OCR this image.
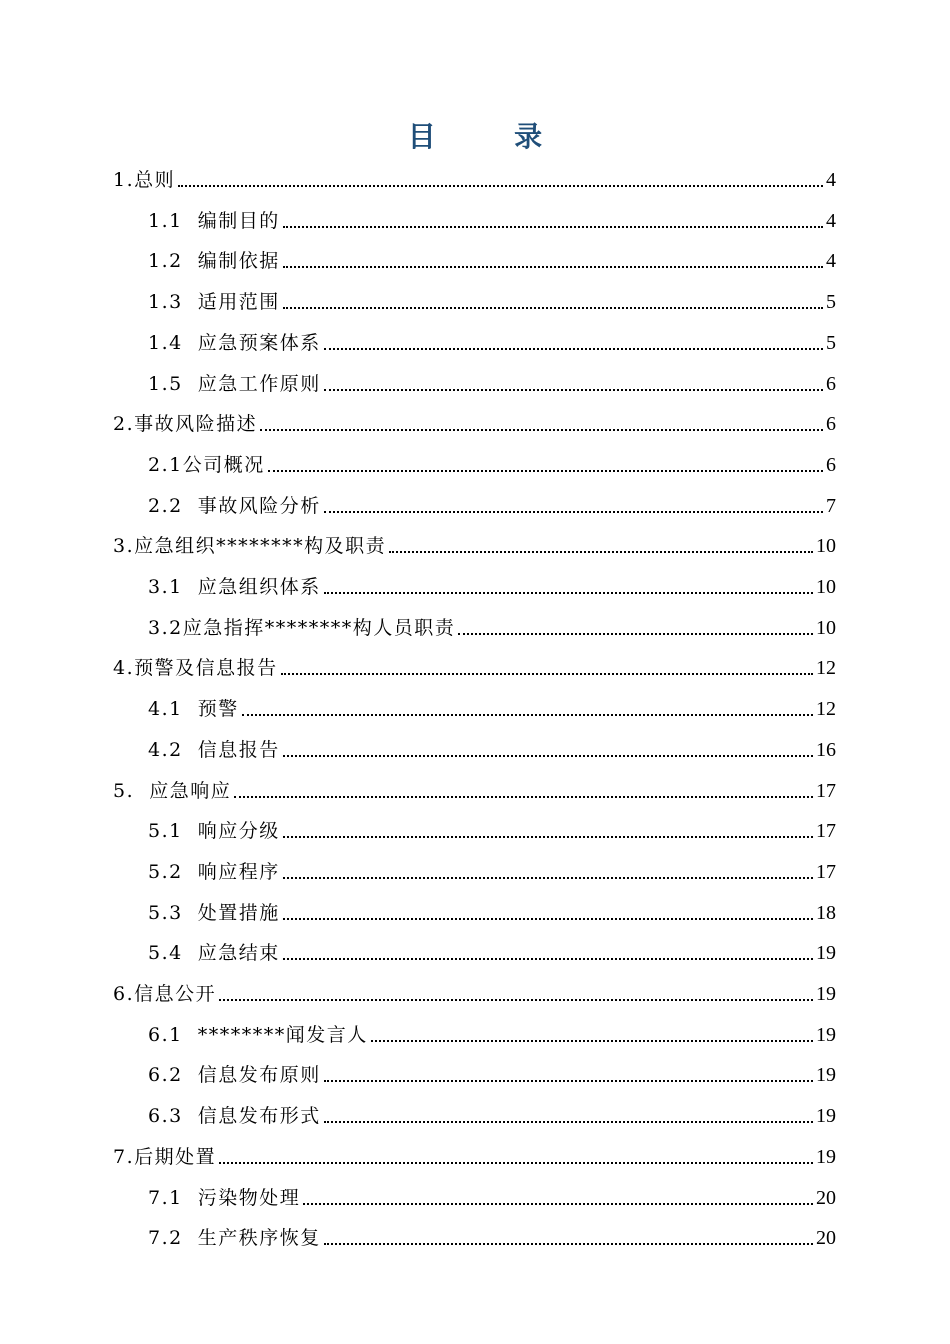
目　录
1.总则	4
1.1  编制目的	4
1.2  编制依据	4
1.3  适用范围	5
1.4  应急预案体系	5
1.5  应急工作原则	6
2.事故风险描述	6
2.1公司概况	6
2.2  事故风险分析	7
3.应急组织********构及职责	10
3.1  应急组织体系	10
3.2应急指挥********构人员职责	10
4.预警及信息报告	12
4.1  预警	12
4.2  信息报告	16
5.  应急响应	17
5.1  响应分级	17
5.2  响应程序	17
5.3  处置措施	18
5.4  应急结束	19
6.信息公开	19
6.1  ********闻发言人	19
6.2  信息发布原则	19
6.3  信息发布形式	19
7.后期处置	19
7.1  污染物处理	20
7.2  生产秩序恢复	20
